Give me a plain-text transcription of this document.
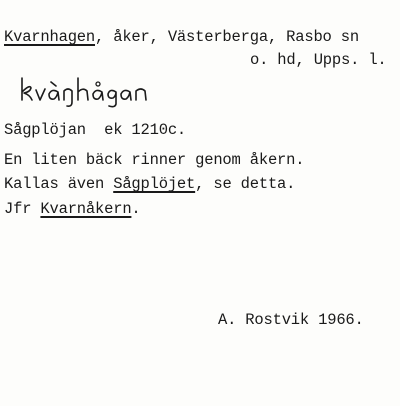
Kvarnhagen, åker, Västerberga, Rasbo sn
o. hd, Upps. l.
Sågplöjan  ek 1210c.
En liten bäck rinner genom åkern.
Kallas även Sågplöjet, se detta.
Jfr Kvarnåkern.
A. Rostvik 1966.
